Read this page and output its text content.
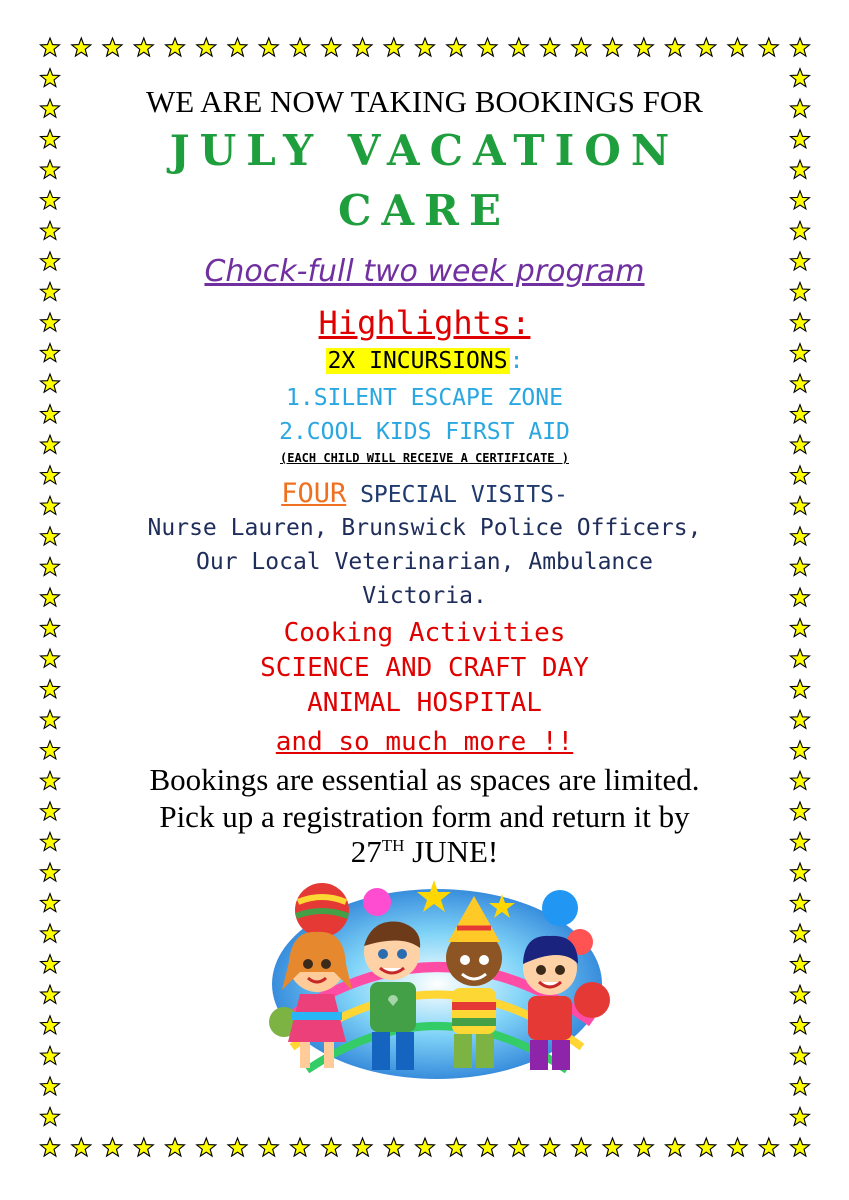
WE ARE NOW TAKING BOOKINGS FOR
JULY VACATION
CARE
Chock-full two week program
Highlights:
2X INCURSIONS:
1.SILENT ESCAPE ZONE
2.COOL KIDS FIRST AID
(EACH CHILD WILL RECEIVE A CERTIFICATE )
FOUR SPECIAL VISITS-
Nurse Lauren, Brunswick Police Officers,
Our Local Veterinarian, Ambulance
Victoria.
Cooking Activities
SCIENCE AND CRAFT DAY
ANIMAL HOSPITAL
and so much more !!
Bookings are essential as spaces are limited.
Pick up a registration form and return it by
27TH JUNE!
